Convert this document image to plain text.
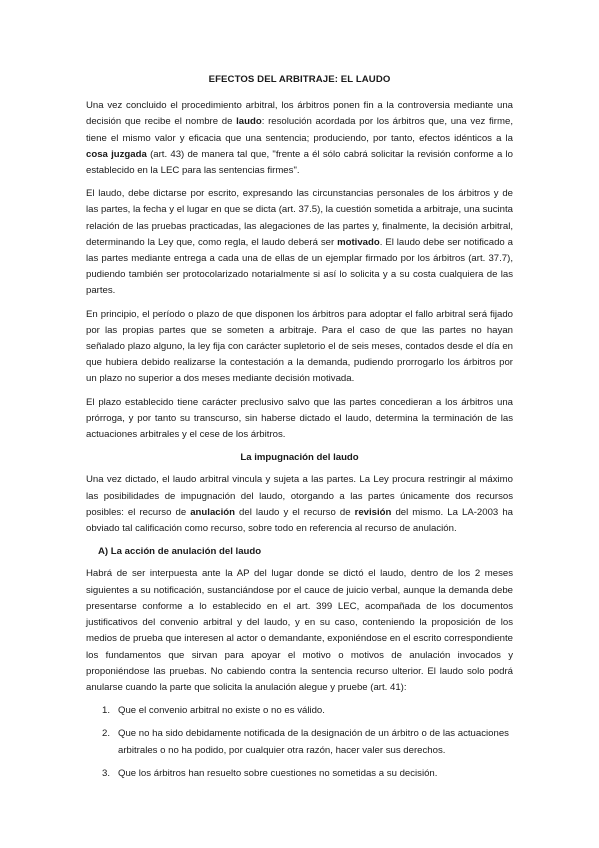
EFECTOS DEL ARBITRAJE: EL LAUDO

Una vez concluido el procedimiento arbitral, los árbitros ponen fin a la controversia mediante una decisión que recibe el nombre de laudo: resolución acordada por los árbitros que, una vez firme, tiene el mismo valor y eficacia que una sentencia; produciendo, por tanto, efectos idénticos a la cosa juzgada (art. 43) de manera tal que, "frente a él sólo cabrá solicitar la revisión conforme a lo establecido en la LEC para las sentencias firmes".

El laudo, debe dictarse por escrito, expresando las circunstancias personales de los árbitros y de las partes, la fecha y el lugar en que se dicta (art. 37.5), la cuestión sometida a arbitraje, una sucinta relación de las pruebas practicadas, las alegaciones de las partes y, finalmente, la decisión arbitral, determinando la Ley que, como regla, el laudo deberá ser motivado. El laudo debe ser notificado a las partes mediante entrega a cada una de ellas de un ejemplar firmado por los árbitros (art. 37.7), pudiendo también ser protocolarizado notarialmente si así lo solicita y a su costa cualquiera de las partes.

En principio, el período o plazo de que disponen los árbitros para adoptar el fallo arbitral será fijado por las propias partes que se someten a arbitraje. Para el caso de que las partes no hayan señalado plazo alguno, la ley fija con carácter supletorio el de seis meses, contados desde el día en que hubiera debido realizarse la contestación a la demanda, pudiendo prorrogarlo los árbitros por un plazo no superior a dos meses mediante decisión motivada.

El plazo establecido tiene carácter preclusivo salvo que las partes concedieran a los árbitros una prórroga, y por tanto su transcurso, sin haberse dictado el laudo, determina la terminación de las actuaciones arbitrales y el cese de los árbitros.

La impugnación del laudo

Una vez dictado, el laudo arbitral vincula y sujeta a las partes. La Ley procura restringir al máximo las posibilidades de impugnación del laudo, otorgando a las partes únicamente dos recursos posibles: el recurso de anulación del laudo y el recurso de revisión del mismo. La LA-2003 ha obviado tal calificación como recurso, sobre todo en referencia al recurso de anulación.

A) La acción de anulación del laudo

Habrá de ser interpuesta ante la AP del lugar donde se dictó el laudo, dentro de los 2 meses siguientes a su notificación, sustanciándose por el cauce de juicio verbal, aunque la demanda debe presentarse conforme a lo establecido en el art. 399 LEC, acompañada de los documentos justificativos del convenio arbitral y del laudo, y en su caso, conteniendo la proposición de los medios de prueba que interesen al actor o demandante, exponiéndose en el escrito correspondiente los fundamentos que sirvan para apoyar el motivo o motivos de anulación invocados y proponiéndose las pruebas. No cabiendo contra la sentencia recurso ulterior. El laudo solo podrá anularse cuando la parte que solicita la anulación alegue y pruebe (art. 41):

1. Que el convenio arbitral no existe o no es válido.
2. Que no ha sido debidamente notificada de la designación de un árbitro o de las actuaciones arbitrales o no ha podido, por cualquier otra razón, hacer valer sus derechos.
3. Que los árbitros han resuelto sobre cuestiones no sometidas a su decisión.
